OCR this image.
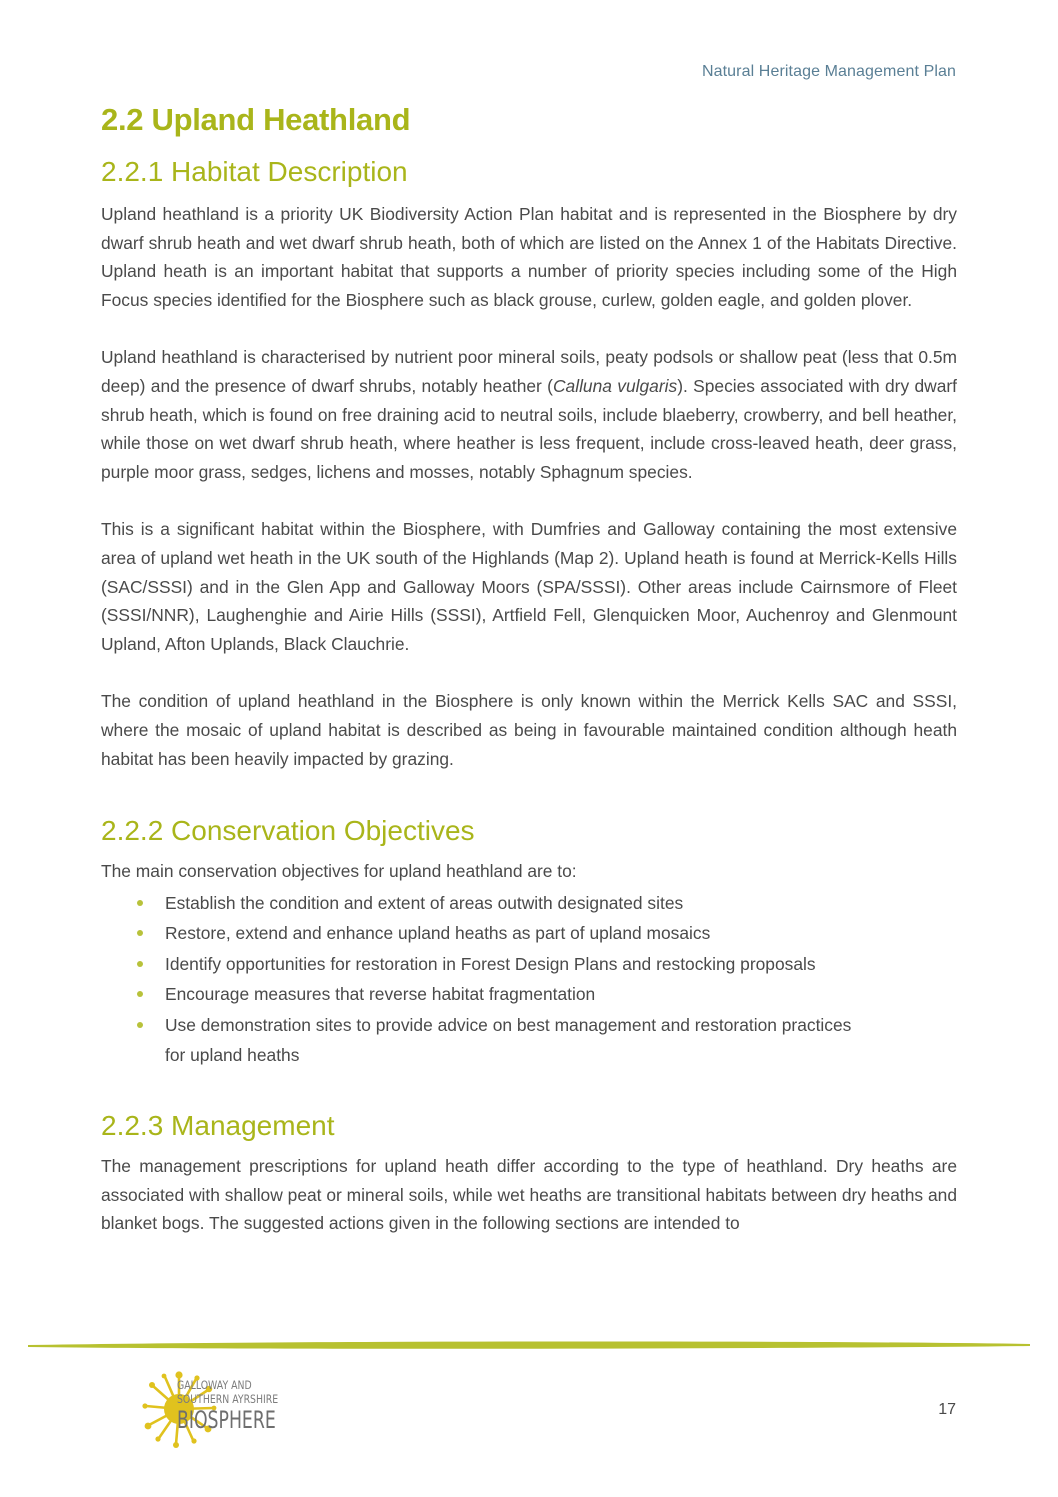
Natural Heritage Management Plan
2.2 Upland Heathland
2.2.1 Habitat Description

Upland heathland is a priority UK Biodiversity Action Plan habitat and is represented in the Biosphere by dry dwarf shrub heath and wet dwarf shrub heath, both of which are listed on the Annex 1 of the Habitats Directive. Upland heath is an important habitat that supports a number of priority species including some of the High Focus species identified for the Biosphere such as black grouse, curlew, golden eagle, and golden plover.

Upland heathland is characterised by nutrient poor mineral soils, peaty podsols or shallow peat (less that 0.5m deep) and the presence of dwarf shrubs, notably heather (Calluna vulgaris). Species associated with dry dwarf shrub heath, which is found on free draining acid to neutral soils, include blaeberry, crowberry, and bell heather, while those on wet dwarf shrub heath, where heather is less frequent, include cross-leaved heath, deer grass, purple moor grass, sedges, lichens and mosses, notably Sphagnum species.

This is a significant habitat within the Biosphere, with Dumfries and Galloway containing the most extensive area of upland wet heath in the UK south of the Highlands (Map 2). Upland heath is found at Merrick-Kells Hills (SAC/SSSI) and in the Glen App and Galloway Moors (SPA/SSSI). Other areas include Cairnsmore of Fleet (SSSI/NNR), Laughenghie and Airie Hills (SSSI), Artfield Fell, Glenquicken Moor, Auchenroy and Glenmount Upland, Afton Uplands, Black Clauchrie.

The condition of upland heathland in the Biosphere is only known within the Merrick Kells SAC and SSSI, where the mosaic of upland habitat is described as being in favourable maintained condition although heath habitat has been heavily impacted by grazing.

2.2.2 Conservation Objectives

The main conservation objectives for upland heathland are to:

Establish the condition and extent of areas outwith designated sites
Restore, extend and enhance upland heaths as part of upland mosaics
Identify opportunities for restoration in Forest Design Plans and restocking proposals
Encourage measures that reverse habitat fragmentation
Use demonstration sites to provide advice on best management and restoration practices
for upland heaths
2.2.3 Management

The management prescriptions for upland heath differ according to the type of heathland. Dry heaths are associated with shallow peat or mineral soils, while wet heaths are transitional habitats between dry heaths and blanket bogs. The suggested actions given in the following sections are intended to

GALLOWAY AND
SOUTHERN AYRSHIRE
BIOSPHERE	17
